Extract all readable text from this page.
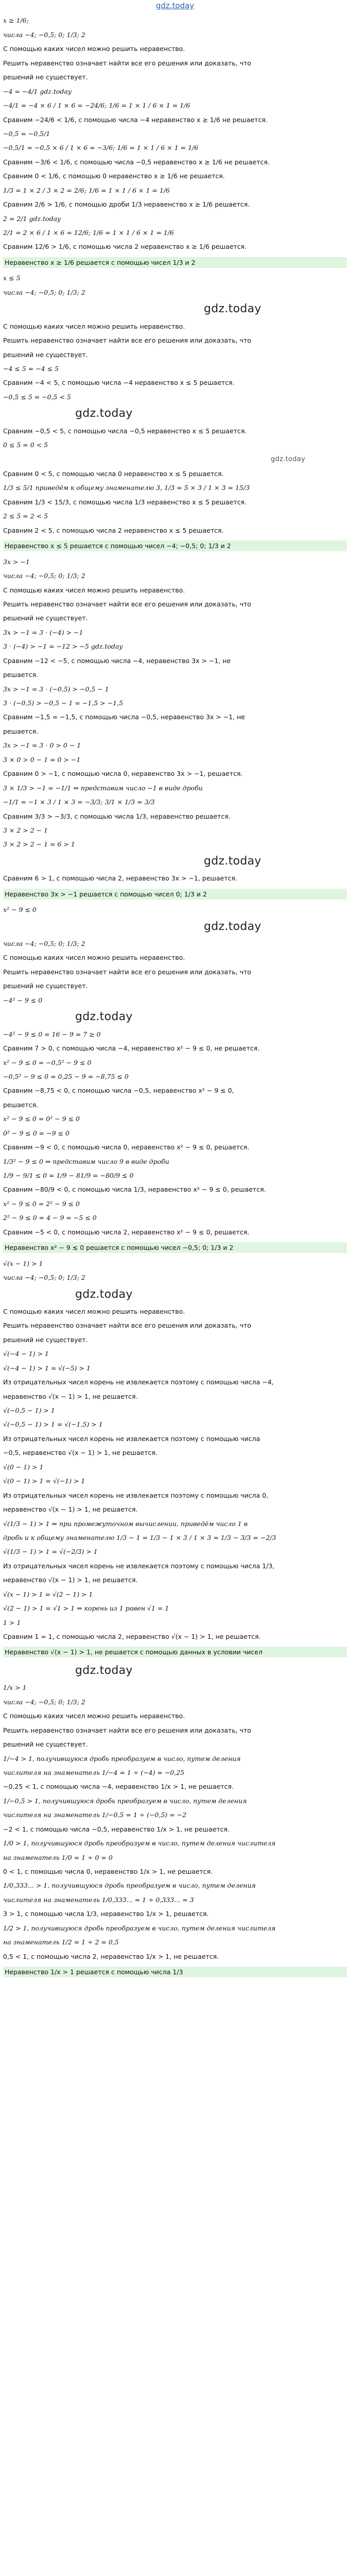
gdz.today
x ≥ 1/6;
числа −4; −0,5; 0; 1/3; 2
С помощью каких чисел можно решить неравенство.
Решить неравенство означает найти все его решения или доказать, что
решений не существует.
−4 = −4/1 gdz.today
−4/1 = −4 × 6 / 1 × 6 = −24/6; 1/6 = 1 × 1 / 6 × 1 = 1/6
Сравним −24/6 < 1/6, с помощью числа −4 неравенство x ≥ 1/6 не решается.
−0,5 = −0,5/1
−0,5/1 = −0,5 × 6 / 1 × 6 = −3/6; 1/6 = 1 × 1 / 6 × 1 = 1/6
Сравним −3/6 < 1/6, с помощью числа −0,5 неравенство x ≥ 1/6 не решается.
Сравним 0 < 1/6, с помощью 0 неравенство x ≥ 1/6 не решается.
1/3 = 1 × 2 / 3 × 2 = 2/6; 1/6 = 1 × 1 / 6 × 1 = 1/6
Сравним 2/6 > 1/6, с помощью дроби 1/3 неравенство x ≥ 1/6 решается.
2 = 2/1 gdz.today
2/1 = 2 × 6 / 1 × 6 = 12/6; 1/6 = 1 × 1 / 6 × 1 = 1/6
Сравним 12/6 > 1/6, с помощью числа 2 неравенство x ≥ 1/6 решается.
Неравенство x ≥ 1/6 решается с помощью чисел 1/3 и 2
x ≤ 5
числа −4; −0,5; 0; 1/3; 2
gdz.today
С помощью каких чисел можно решить неравенство.
Решить неравенство означает найти все его решения или доказать, что
решений не существует.
−4 ≤ 5 = −4 ≤ 5
Сравним −4 < 5, с помощью числа −4 неравенство x ≤ 5 решается.
−0,5 ≤ 5 = −0,5 < 5
gdz.today
Сравним −0,5 < 5, с помощью числа −0,5 неравенство x ≤ 5 решается.
0 ≤ 5 = 0 < 5
gdz.today
Сравним 0 < 5, с помощью числа 0 неравенство x ≤ 5 решается.
1/3 ≤ 5/1 приведём к общему знаменателю 3, 1/3 = 5 × 3 / 1 × 3 = 15/3
Сравним 1/3 < 15/3, с помощью числа 1/3 неравенство x ≤ 5 решается.
2 ≤ 5 = 2 < 5
Сравним 2 < 5, с помощью числа 2 неравенство x ≤ 5 решается.
Неравенство x ≤ 5 решается с помощью чисел −4; −0,5; 0; 1/3 и 2
3x > −1
числа −4; −0,5; 0; 1/3; 2
С помощью каких чисел можно решить неравенство.
Решить неравенство означает найти все его решения или доказать, что
решений не существует.
3x > −1 = 3 ⋅ (−4) > −1
3 ⋅ (−4) > −1 = −12 > −5 gdz.today
Сравним −12 < −5, с помощью числа −4, неравенство 3x > −1, не
решается.
3x > −1 = 3 ⋅ (−0,5) > −0,5 − 1
3 ⋅ (−0,5) > −0,5 − 1 = −1,5 > −1,5
Сравним −1,5 = −1,5, с помощью числа −0,5, неравенство 3x > −1, не
решается.
3x > −1 = 3 ⋅ 0 > 0 − 1
3 × 0 > 0 − 1 = 0 > −1
Сравним 0 > −1, с помощью числа 0, неравенство 3x > −1, решается.
3 × 1/3 > −1 = −1/1 ⇒ представим число −1 в виде дроби
−1/1 = −1 × 3 / 1 × 3 = −3/3; 3/1 × 1/3 = 3/3
Сравним 3/3 > −3/3, с помощью числа 1/3, неравенство решается.
3 × 2 > 2 − 1
3 × 2 > 2 − 1 = 6 > 1
gdz.today
Сравним 6 > 1, с помощью числа 2, неравенство 3x > −1, решается.
Неравенство 3x > −1 решается с помощью чисел 0; 1/3 и 2
x² − 9 ≤ 0
gdz.today
числа −4; −0,5; 0; 1/3; 2
С помощью каких чисел можно решить неравенство.
Решить неравенство означает найти все его решения или доказать, что
решений не существует.
−4² − 9 ≤ 0
gdz.today
−4² − 9 ≤ 0 = 16 − 9 = 7 ≥ 0
Сравним 7 > 0, с помощью числа −4, неравенство x² − 9 ≤ 0, не решается.
x² − 9 ≤ 0 = −0,5² − 9 ≤ 0
−0,5² − 9 ≤ 0 = 0,25 − 9 = −8,75 ≤ 0
Сравним −8,75 < 0, с помощью числа −0,5, неравенство x² − 9 ≤ 0,
решается.
x² − 9 ≤ 0 = 0² − 9 ≤ 0
0² − 9 ≤ 0 = −9 ≤ 0
Сравним −9 < 0, с помощью числа 0, неравенство x² − 9 ≤ 0, решается.
1/3² − 9 ≤ 0 ⇒ представим число 9 в виде дроби
1/9 − 9/1 ≤ 0 = 1/9 − 81/9 = −80/9 ≤ 0
Сравним −80/9 < 0, с помощью числа 1/3, неравенство x² − 9 ≤ 0, решается.
x² − 9 ≤ 0 = 2² − 9 ≤ 0
2² − 9 ≤ 0 = 4 − 9 = −5 ≤ 0
Сравним −5 < 0, с помощью числа 2, неравенство x² − 9 ≤ 0, решается.
Неравенство x² − 9 ≤ 0 решается с помощью чисел −0,5; 0; 1/3 и 2
√(x − 1) > 1
числа −4; −0,5; 0; 1/3; 2
gdz.today
С помощью каких чисел можно решить неравенство.
Решить неравенство означает найти все его решения или доказать, что
решений не существует.
√(−4 − 1) > 1
√(−4 − 1) > 1 = √(−5) > 1
Из отрицательных чисел корень не извлекается поэтому с помощью числа −4,
неравенство √(x − 1) > 1, не решается.
√(−0,5 − 1) > 1
√(−0,5 − 1) > 1 = √(−1,5) > 1
Из отрицательных чисел корень не извлекается поэтому с помощью числа
−0,5, неравенство √(x − 1) > 1, не решается.
√(0 − 1) > 1
√(0 − 1) > 1 = √(−1) > 1
Из отрицательных чисел корень не извлекается поэтому с помощью числа 0,
неравенство √(x − 1) > 1, не решается.
√(1/3 − 1) > 1 ⇒ при промежуточном вычислении, приведём число 1 в
дробь и к общему знаменателю 1/3 − 1 = 1/3 − 1 × 3 / 1 × 3 = 1/3 − 3/3 = −2/3
√(1/3 − 1) > 1 = √(−2/3) > 1
Из отрицательных чисел корень не извлекается поэтому с помощью числа 1/3,
неравенство √(x − 1) > 1, не решается.
√(x − 1) > 1 = √(2 − 1) > 1
√(2 − 1) > 1 = √1 > 1 ⇒ корень из 1 равен √1 = 1
1 > 1
Сравним 1 = 1, с помощью числа 2, неравенство √(x − 1) > 1, не решается.
Неравенство √(x − 1) > 1, не решается с помощью данных в условии чисел
gdz.today
1/x > 1
числа −4; −0,5; 0; 1/3; 2
С помощью каких чисел можно решить неравенство.
Решить неравенство означает найти все его решения или доказать, что
решений не существует.
1/−4 > 1, получившуюся дробь преобразуем в число, путем деления
числителя на знаменатель 1/−4 = 1 ÷ (−4) = −0,25
−0,25 < 1, с помощью числа −4, неравенство 1/x > 1, не решается.
1/−0,5 > 1, получившуюся дробь преобразуем в число, путем деления
числителя на знаменатель 1/−0,5 = 1 ÷ (−0,5) = −2
−2 < 1, с помощью числа −0,5, неравенство 1/x > 1, не решается.
1/0 > 1, получившуюся дробь преобразуем в число, путем деления числителя
на знаменатель 1/0 = 1 ÷ 0 = 0
0 < 1, с помощью числа 0, неравенство 1/x > 1, не решается.
1/0,333... > 1, получившуюся дробь преобразуем в число, путем деления
числителя на знаменатель 1/0,333... = 1 ÷ 0,333... = 3
3 > 1, с помощью числа 1/3, неравенство 1/x > 1, решается.
1/2 > 1, получившуюся дробь преобразуем в число, путем деления числителя
на знаменатель 1/2 = 1 ÷ 2 = 0,5
0,5 < 1, с помощью числа 2, неравенство 1/x > 1, не решается.
Неравенство 1/x > 1 решается с помощью числа 1/3
